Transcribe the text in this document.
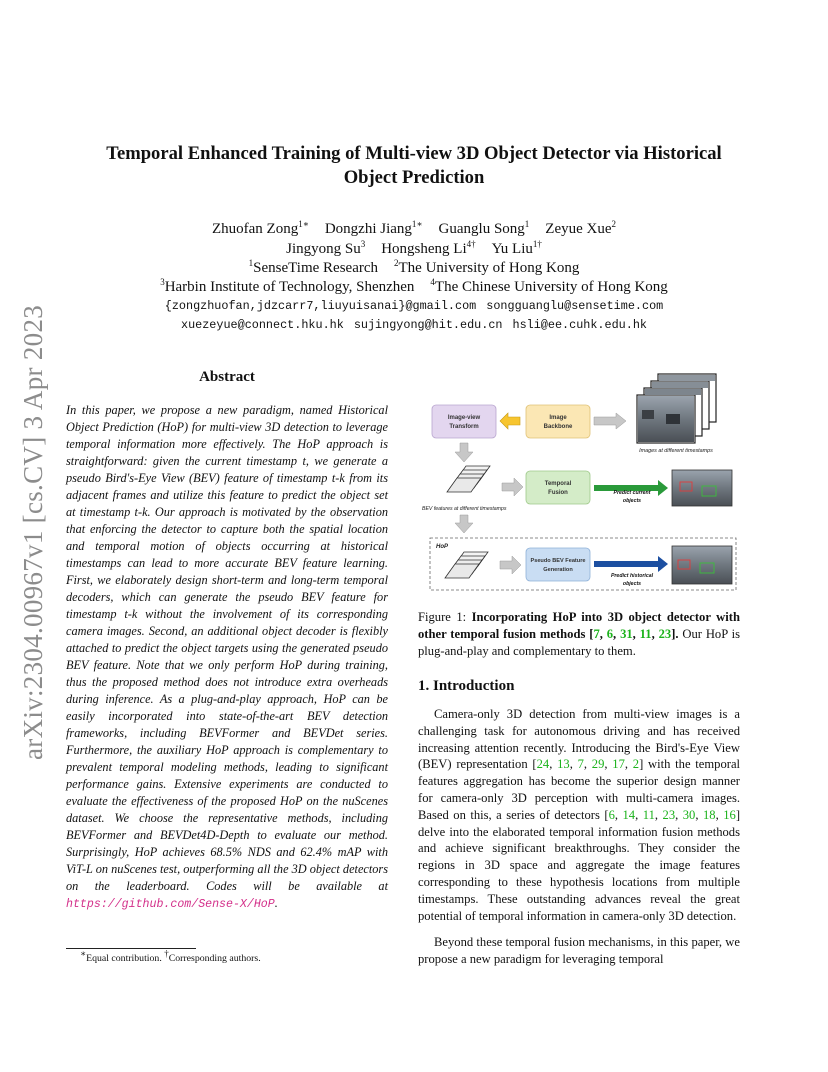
arXiv:2304.00967v1 [cs.CV] 3 Apr 2023
Temporal Enhanced Training of Multi-view 3D Object Detector via Historical
Object Prediction
Zhuofan Zong$^{1∗}$ Dongzhi Jiang$^{1∗}$ Guanglu Song$^1$ Zeyue Xue$^2$
Jingyong Su$^3$ Hongsheng $Li^{4\dagger}$ Yu Liu$^{1\dagger}$
$^1$SenseTime Research $^2$The University of Hong Kong
$^3$Harbin Institute of Technology, Shenzhen $^4$The Chinese University of Hong Kong
{zongzhuofan,jdzcarr7,liuyuisanai}@gmail.com songguanglu@sensetime.com
xuezeyue@connect.hku.hk sujingyong@hit.edu.cn hsli@ee.cuhk.edu.hk
Abstract

In this paper, we propose a new paradigm, named Historical Object Prediction (HoP) for multi-view 3D detection to leverage temporal information more effectively. The HoP approach is straightforward: given the current timestamp t, we generate a pseudo Bird's-Eye View (BEV) feature of timestamp t-k from its adjacent frames and utilize this feature to predict the object set at timestamp t-k. Our approach is motivated by the observation that enforcing the detector to capture both the spatial location and temporal motion of objects occurring at historical timestamps can lead to more accurate BEV feature learning. First, we elaborately design short-term and long-term temporal decoders, which can generate the pseudo BEV feature for timestamp t-k without the involvement of its corresponding camera images. Second, an additional object decoder is flexibly attached to predict the object targets using the generated pseudo BEV feature. Note that we only perform HoP during training, thus the proposed method does not introduce extra overheads during inference. As a plug-and-play approach, HoP can be easily incorporated into state-of-the-art BEV detection frameworks, including BEVFormer and BEVDet series. Furthermore, the auxiliary HoP approach is complementary to prevalent temporal modeling methods, leading to significant performance gains. Extensive experiments are conducted to evaluate the effectiveness of the proposed HoP on the nuScenes dataset. We choose the representative methods, including BEVFormer and BEVDet4D-Depth to evaluate our method. Surprisingly, HoP achieves 68.5% NDS and 62.4% mAP with ViT-L on nuScenes test, outperforming all the 3D object detectors on the leaderboard. Codes will be available at https://github.com/Sense-X/HoP.

∗Equal contribution. †Corresponding authors.
Images at different timestamps
Image-view
Transform
Image
Backbone
Temporal
Fusion	Predict current
objects
BEV features at different timestamps
HoP
Pseudo BEV Feature
Generation
Predict historical
objects

Figure 1: Incorporating HoP into 3D object detector with other temporal fusion methods [7, 6, 31, 11, 23]. Our HoP is plug-and-play and complementary to them.

1. Introduction

Camera-only 3D detection from multi-view images is a challenging task for autonomous driving and has received increasing attention recently. Introducing the Bird's-Eye View (BEV) representation [24, 13, 7, 29, 17, 2] with the temporal features aggregation has become the superior design manner for camera-only 3D perception with multi-camera images. Based on this, a series of detectors [6, 14, 11, 23, 30, 18, 16] delve into the elaborated temporal information fusion methods and achieve significant breakthroughs. They consider the regions in 3D space and aggregate the image features corresponding to these hypothesis locations from multiple timestamps. These outstanding advances reveal the great potential of temporal information in camera-only 3D detection.

Beyond these temporal fusion mechanisms, in this paper, we propose a new paradigm for leveraging temporal
